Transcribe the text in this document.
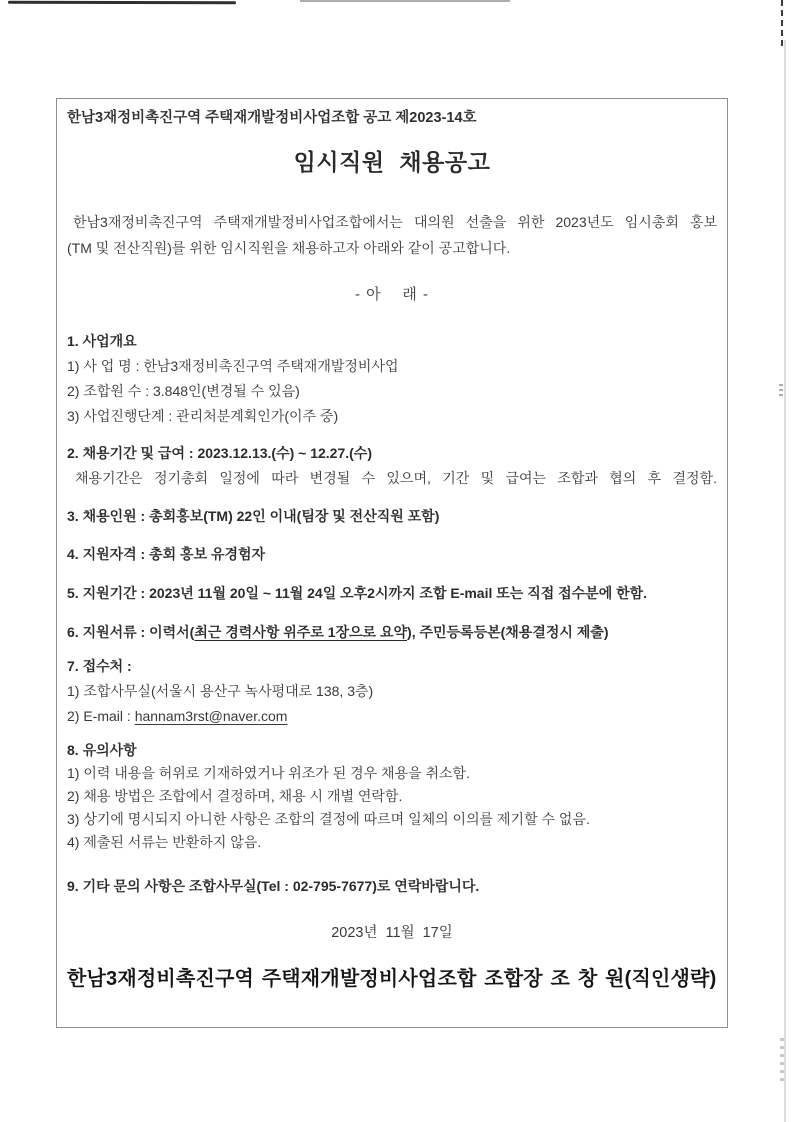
한남3재정비촉진구역 주택재개발정비사업조합 공고 제2023-14호
임시직원 채용공고
한남3재정비촉진구역 주택재개발정비사업조합에서는 대의원 선출을 위한 2023년도 임시총회 홍보
(TM 및 전산직원)를 위한 임시직원을 채용하고자 아래와 같이 공고합니다.
- 아    래 -
1. 사업개요
1) 사 업 명 : 한남3재정비촉진구역 주택재개발정비사업
2) 조합원 수 : 3.848인(변경될 수 있음)
3) 사업진행단계 : 관리처분계획인가(이주 중)
2. 채용기간 및 급여 : 2023.12.13.(수) ~ 12.27.(수)
채용기간은 정기총회 일정에 따라 변경될 수 있으며, 기간 및 급여는 조합과 협의 후 결정함.
3. 채용인원 : 총회홍보(TM) 22인 이내(팀장 및 전산직원 포함)
4. 지원자격 : 총회 홍보 유경험자
5. 지원기간 : 2023년 11월 20일 ~ 11월 24일 오후2시까지 조합 E-mail 또는 직접 접수분에 한함.
6. 지원서류 : 이력서(최근 경력사항 위주로 1장으로 요약), 주민등록등본(채용결정시 제출)
7. 접수처 :
1) 조합사무실(서울시 용산구 녹사평대로 138, 3층)
2) E-mail : hannam3rst@naver.com
8. 유의사항
1) 이력 내용을 허위로 기재하였거나 위조가 된 경우 채용을 취소함.
2) 채용 방법은 조합에서 결정하며, 채용 시 개별 연락함.
3) 상기에 명시되지 아니한 사항은 조합의 결정에 따르며 일체의 이의를 제기할 수 없음.
4) 제출된 서류는 반환하지 않음.
9. 기타 문의 사항은 조합사무실(Tel : 02-795-7677)로 연락바랍니다.
2023년 11월 17일
한남3재정비촉진구역 주택재개발정비사업조합 조합장 조 창 원(직인생략)
